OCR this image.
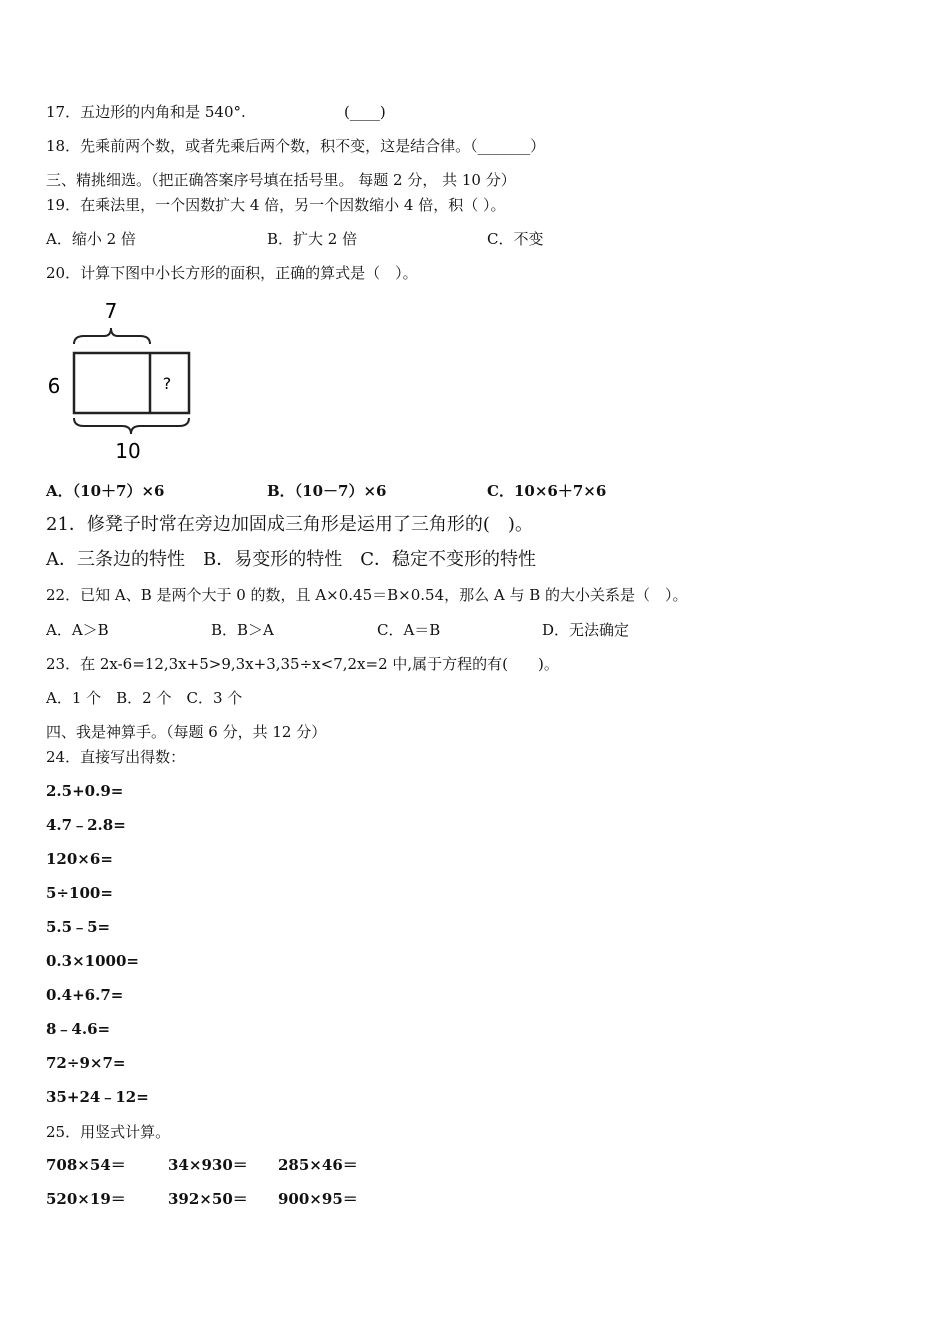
17．五边形的内角和是 540°.	(____)
18．先乘前两个数，或者先乘后两个数，积不变，这是结合律。（_______）
三、精挑细选。（把正确答案序号填在括号里。 每题 2 分， 共 10 分）
19．在乘法里，一个因数扩大 4 倍，另一个因数缩小 4 倍，积（ ）。
A．缩小 2 倍	B．扩大 2 倍	C．不变
20．计算下图中小长方形的面积，正确的算式是（　）。
7
?
6
10
A．（10＋7）×6	B．（10－7）×6	C．10×6＋7×6
21．修凳子时常在旁边加固成三角形是运用了三角形的(　)。
A．三条边的特性　B．易变形的特性　C．稳定不变形的特性
22．已知 A、B 是两个大于 0 的数，且 A×0.45＝B×0.54，那么 A 与 B 的大小关系是（　）。
A．A＞B	B．B＞A	C．A＝B	D．无法确定
23．在 2x-6=12,3x+5>9,3x+3,35÷x<7,2x=2 中,属于方程的有(　　)。
A．1 个　B．2 个　C．3 个
四、我是神算手。（每题 6 分，共 12 分）
24．直接写出得数：
2.5+0.9=
4.7﹣2.8=
120×6=
5÷100=
5.5﹣5=
0.3×1000=
0.4+6.7=
8﹣4.6=
72÷9×7=
35+24﹣12=
25．用竖式计算。
708×54＝	34×930＝ 285×46＝
520×19＝	392×50＝ 900×95＝
